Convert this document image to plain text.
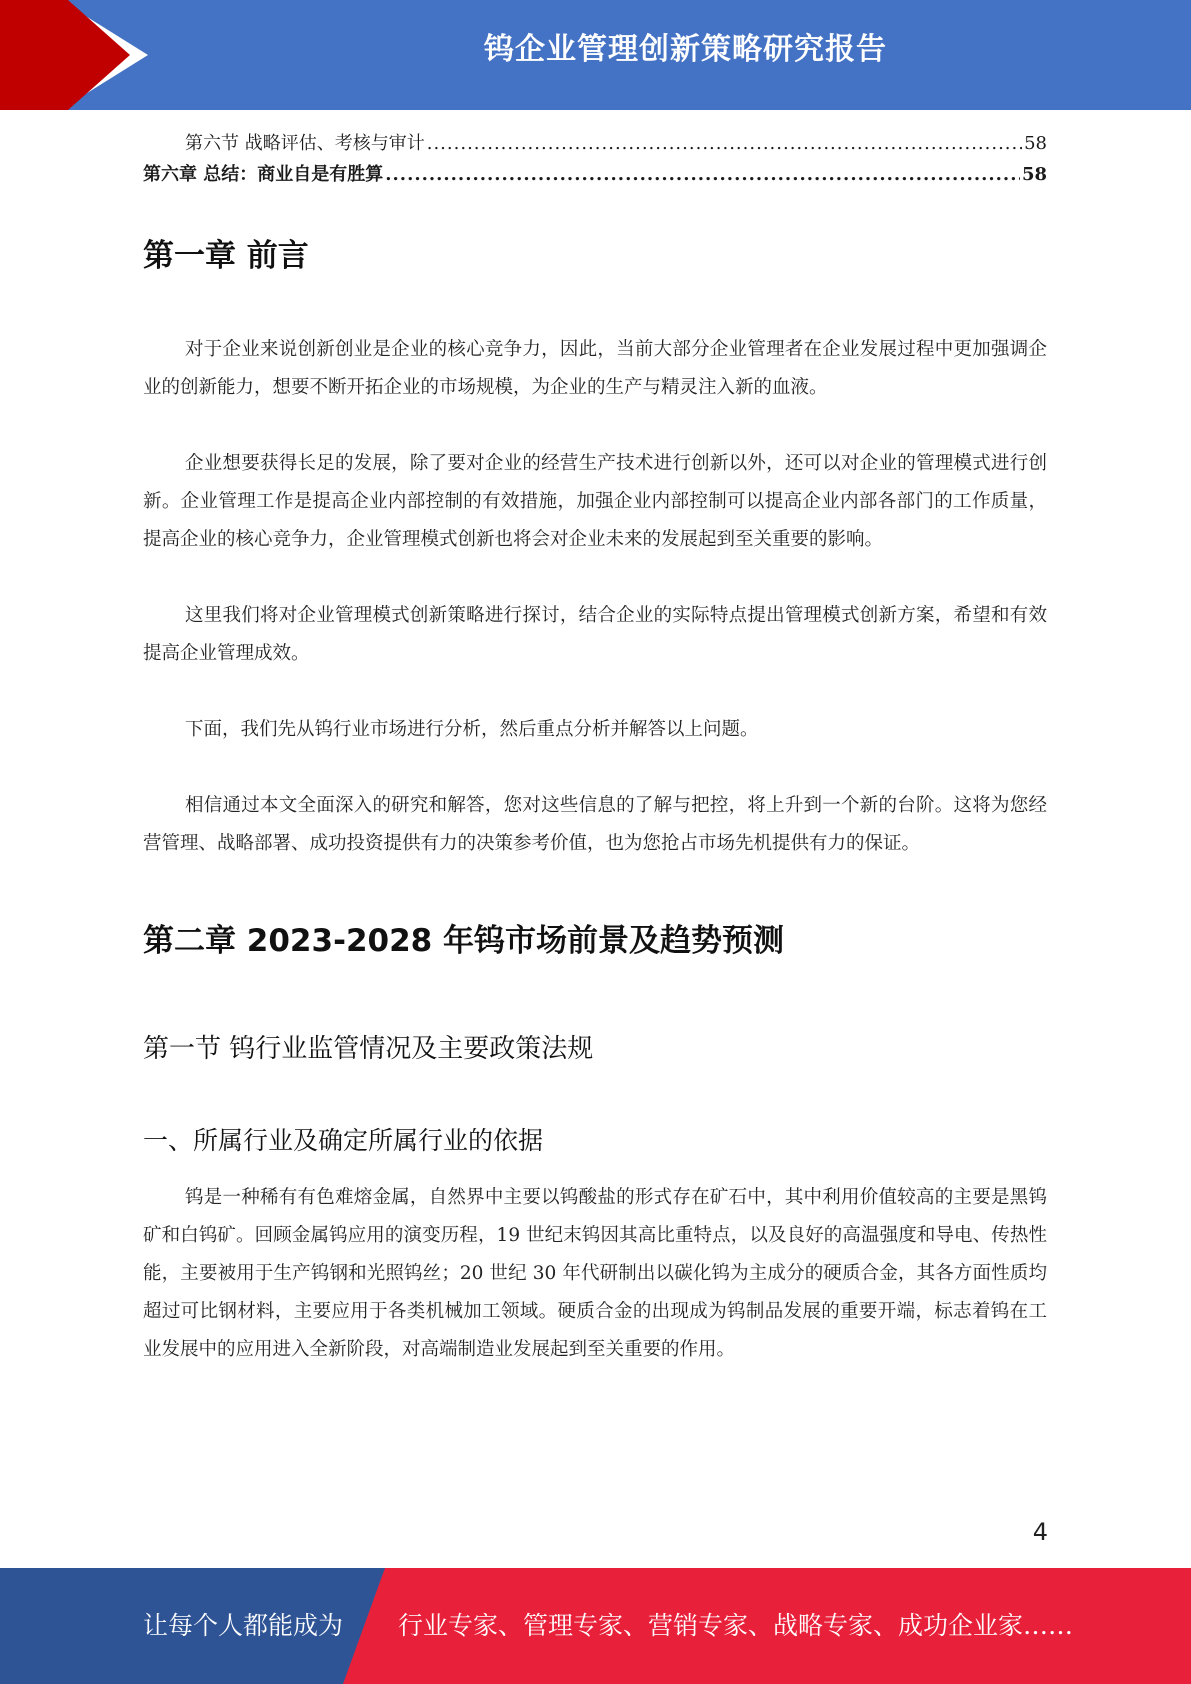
钨企业管理创新策略研究报告
第六节 战略评估、考核与审计 .....	58
第六章 总结：商业自是有胜算 .....	58
第一章 前言

对于企业来说创新创业是企业的核心竞争力，因此，当前大部分企业管理者在企业发展过程中更加强调企业的创新能力，想要不断开拓企业的市场规模，为企业的生产与精灵注入新的血液。

企业想要获得长足的发展，除了要对企业的经营生产技术进行创新以外，还可以对企业的管理模式进行创新。企业管理工作是提高企业内部控制的有效措施，加强企业内部控制可以提高企业内部各部门的工作质量，提高企业的核心竞争力，企业管理模式创新也将会对企业未来的发展起到至关重要的影响。

这里我们将对企业管理模式创新策略进行探讨，结合企业的实际特点提出管理模式创新方案，希望和有效提高企业管理成效。

下面，我们先从钨行业市场进行分析，然后重点分析并解答以上问题。

相信通过本文全面深入的研究和解答，您对这些信息的了解与把控，将上升到一个新的台阶。这将为您经营管理、战略部署、成功投资提供有力的决策参考价值，也为您抢占市场先机提供有力的保证。

第二章 2023-2028 年钨市场前景及趋势预测
第一节 钨行业监管情况及主要政策法规
一、所属行业及确定所属行业的依据

钨是一种稀有有色难熔金属，自然界中主要以钨酸盐的形式存在矿石中，其中利用价值较高的主要是黑钨矿和白钨矿。回顾金属钨应用的演变历程，19 世纪末钨因其高比重特点，以及良好的高温强度和导电、传热性能，主要被用于生产钨钢和光照钨丝；20 世纪 30 年代研制出以碳化钨为主成分的硬质合金，其各方面性质均超过可比钢材料，主要应用于各类机械加工领域。硬质合金的出现成为钨制品发展的重要开端，标志着钨在工业发展中的应用进入全新阶段，对高端制造业发展起到至关重要的作用。

4
让每个人都能成为 行业专家、管理专家、营销专家、战略专家、成功企业家……
